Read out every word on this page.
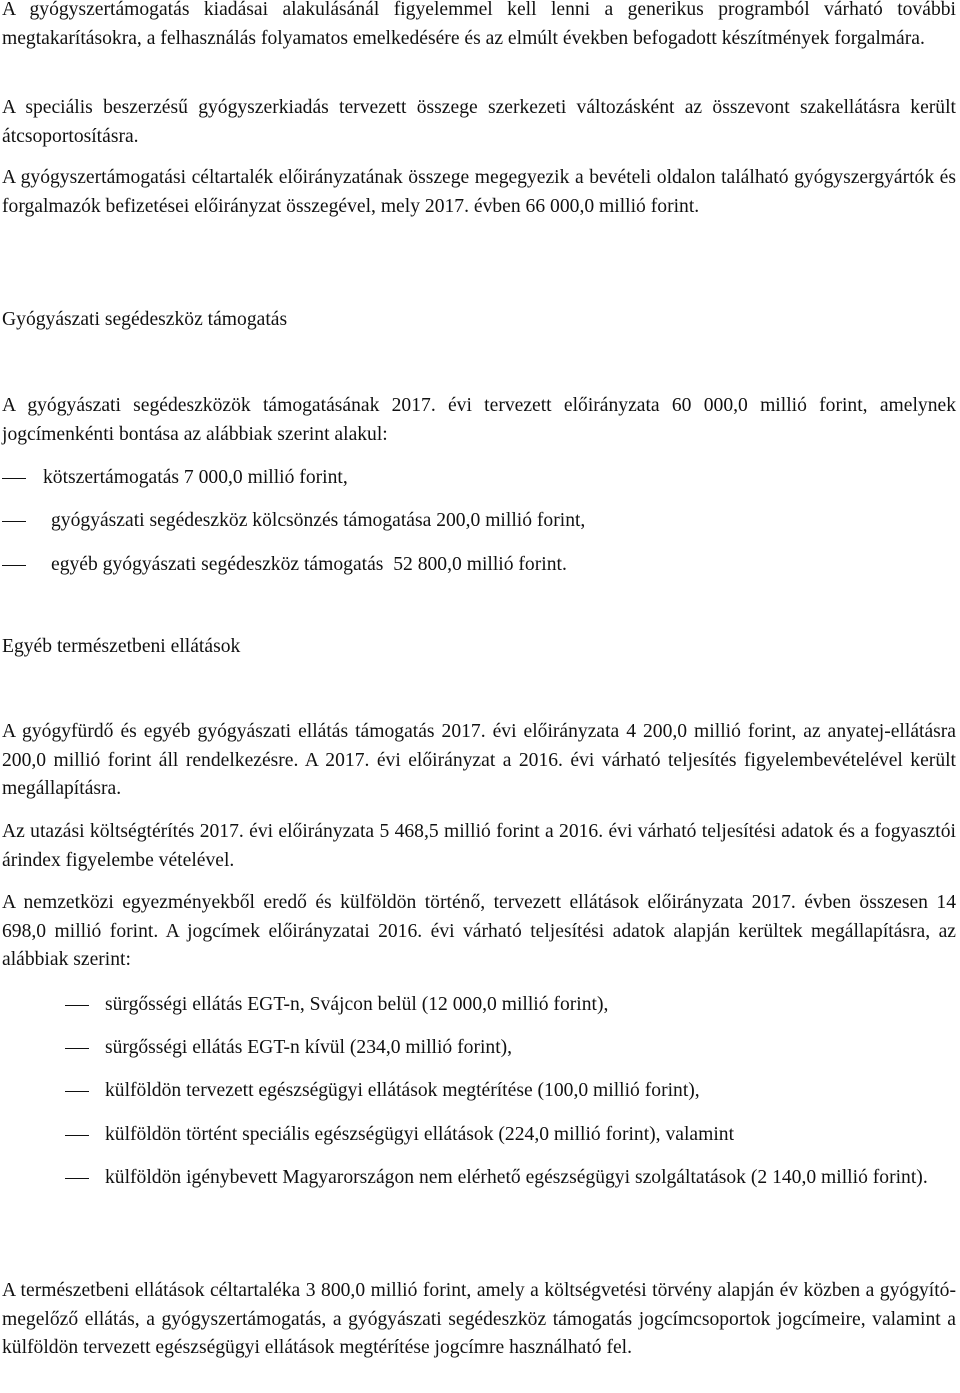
A gyógyszertámogatás kiadásai alakulásánál figyelemmel kell lenni a generikus programból várható további megtakarításokra, a felhasználás folyamatos emelkedésére és az elmúlt években befogadott készítmények forgalmára.

A speciális beszerzésű gyógyszerkiadás tervezett összege szerkezeti változásként az összevont szakellátásra került átcsoportosításra.

A gyógyszertámogatási céltartalék előirányzatának összege megegyezik a bevételi oldalon található gyógyszergyártók és forgalmazók befizetései előirányzat összegével, mely 2017. évben 66 000,0 millió forint.

Gyógyászati segédeszköz támogatás

A gyógyászati segédeszközök támogatásának 2017. évi tervezett előirányzata 60 000,0 millió forint, amelynek jogcímenkénti bontása az alábbiak szerint alakul:

kötszertámogatás 7 000,0 millió forint,
gyógyászati segédeszköz kölcsönzés támogatása 200,0 millió forint,
egyéb gyógyászati segédeszköz támogatás  52 800,0 millió forint.

Egyéb természetbeni ellátások

A gyógyfürdő és egyéb gyógyászati ellátás támogatás 2017. évi előirányzata 4 200,0 millió forint, az anyatej-ellátásra 200,0 millió forint áll rendelkezésre. A 2017. évi előirányzat a 2016. évi várható teljesítés figyelembevételével került megállapításra.

Az utazási költségtérítés 2017. évi előirányzata 5 468,5 millió forint a 2016. évi várható teljesítési adatok és a fogyasztói árindex figyelembe vételével.

A nemzetközi egyezményekből eredő és külföldön történő, tervezett ellátások előirányzata 2017. évben összesen 14 698,0 millió forint. A jogcímek előirányzatai 2016. évi várható teljesítési adatok alapján kerültek megállapításra, az alábbiak szerint:

sürgősségi ellátás EGT-n, Svájcon belül (12 000,0 millió forint),
sürgősségi ellátás EGT-n kívül (234,0 millió forint),
külföldön tervezett egészségügyi ellátások megtérítése (100,0 millió forint),
külföldön történt speciális egészségügyi ellátások (224,0 millió forint), valamint
külföldön igénybevett Magyarországon nem elérhető egészségügyi szolgáltatások (2 140,0 millió forint).

A természetbeni ellátások céltartaléka 3 800,0 millió forint, amely a költségvetési törvény alapján év közben a gyógyító-megelőző ellátás, a gyógyszertámogatás, a gyógyászati segédeszköz támogatás jogcímcsoportok jogcímeire, valamint a külföldön tervezett egészségügyi ellátások megtérítése jogcímre használható fel.
